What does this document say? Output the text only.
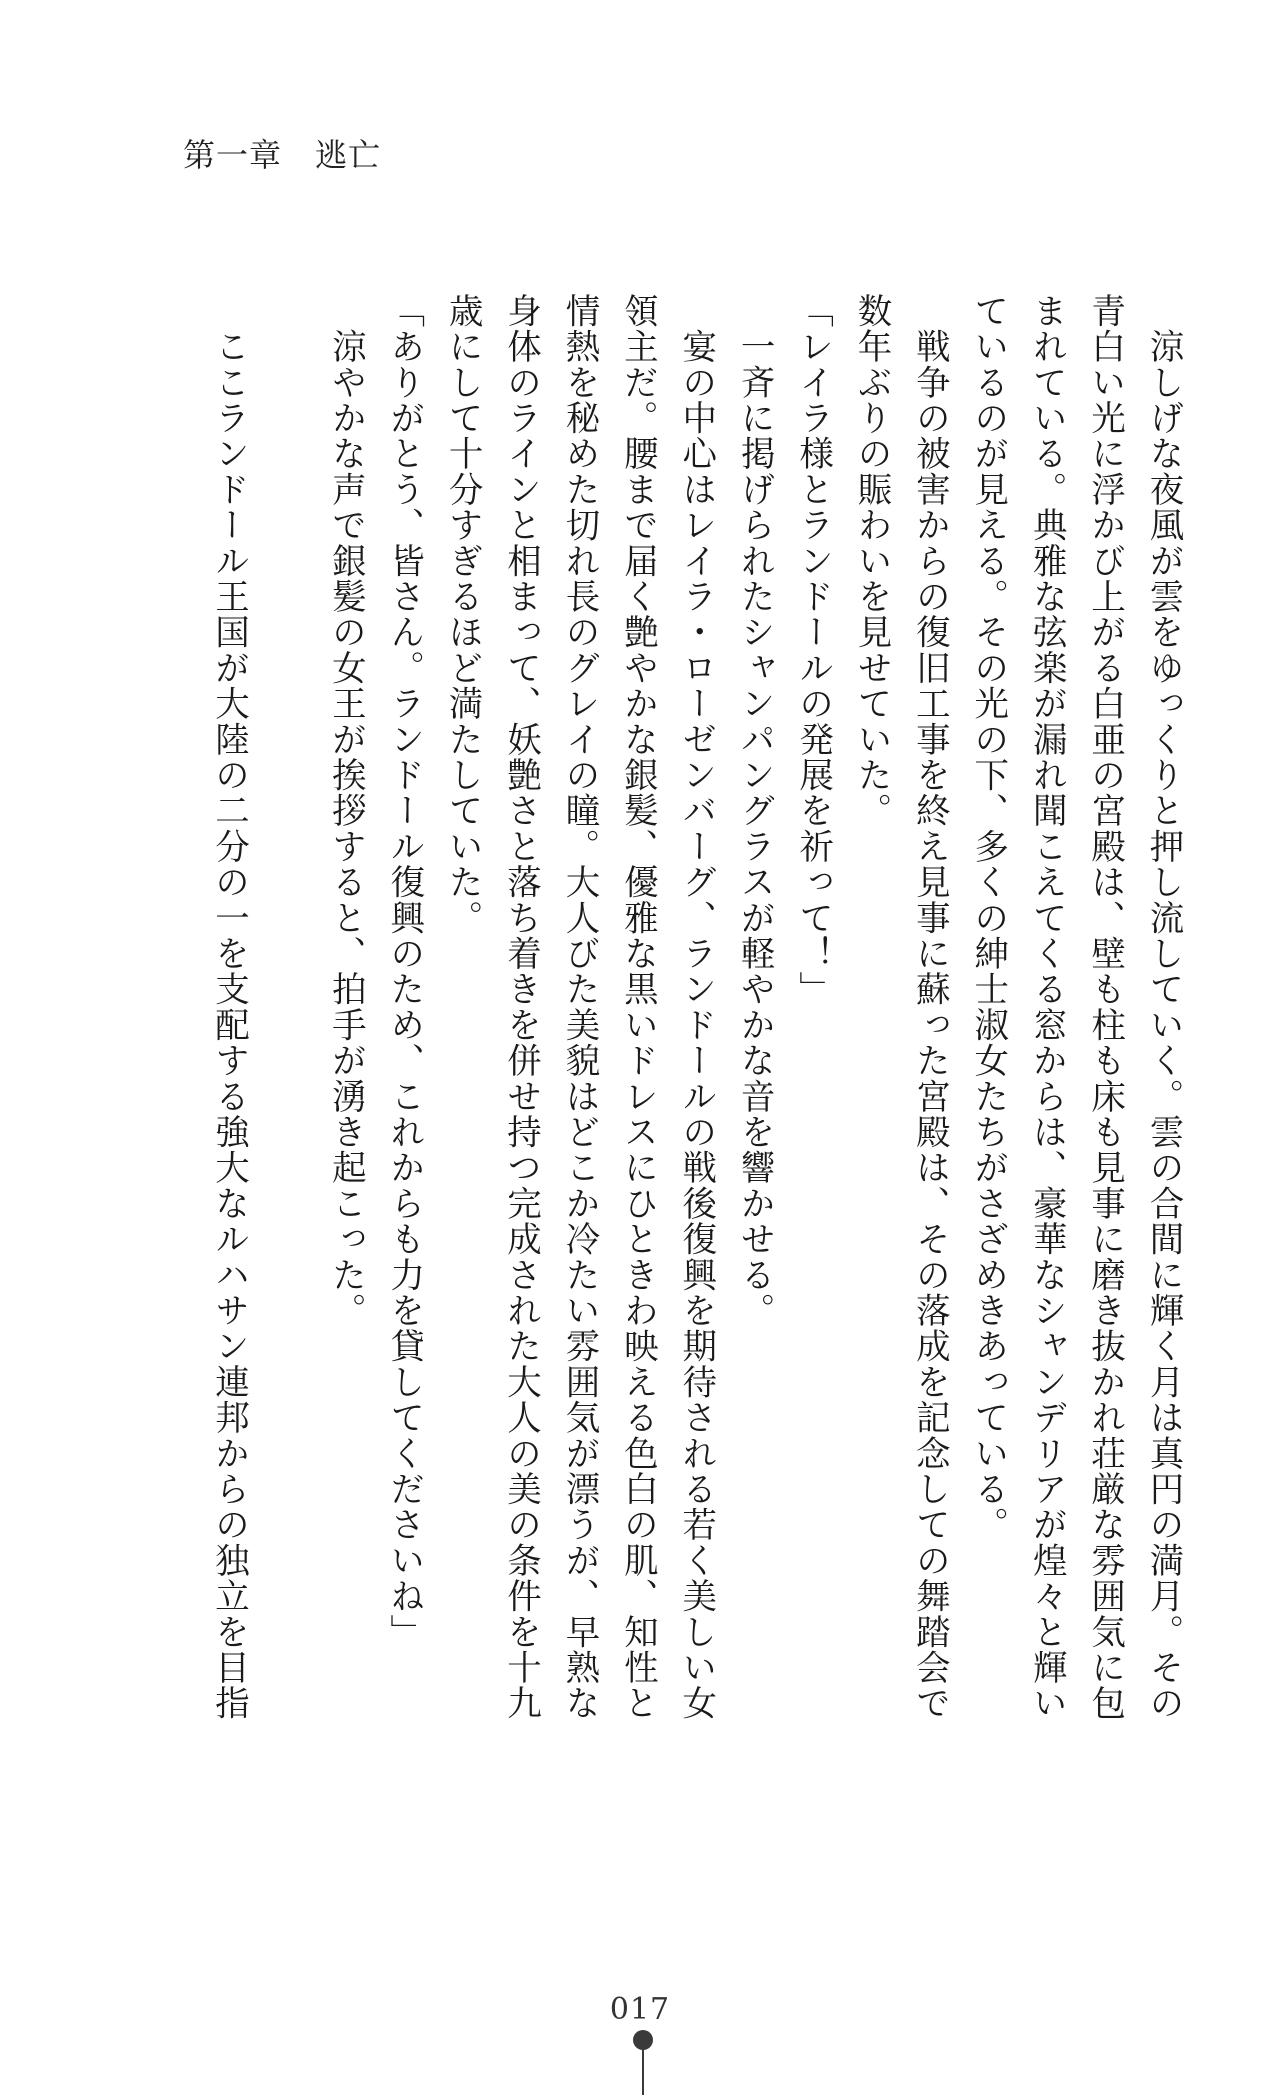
第一章　逃亡
　涼しげな夜風が雲をゆっくりと押し流していく。雲の合間に輝く月は真円の満月。その
青白い光に浮かび上がる白亜の宮殿は、壁も柱も床も見事に磨き抜かれ荘厳な雰囲気に包
まれている。典雅な弦楽が漏れ聞こえてくる窓からは、豪華なシャンデリアが煌々と輝い
ているのが見える。その光の下、多くの紳士淑女たちがさざめきあっている。
　戦争の被害からの復旧工事を終え見事に蘇った宮殿は、その落成を記念しての舞踏会で
数年ぶりの賑わいを見せていた。
「レイラ様とランドールの発展を祈って！」
　一斉に掲げられたシャンパングラスが軽やかな音を響かせる。
　宴の中心はレイラ・ローゼンバーグ、ランドールの戦後復興を期待される若く美しい女
領主だ。腰まで届く艶やかな銀髪、優雅な黒いドレスにひときわ映える色白の肌、知性と
情熱を秘めた切れ長のグレイの瞳。大人びた美貌はどこか冷たい雰囲気が漂うが、早熟な
身体のラインと相まって、妖艶さと落ち着きを併せ持つ完成された大人の美の条件を十九
歳にして十分すぎるほど満たしていた。
「ありがとう、皆さん。ランドール復興のため、これからも力を貸してくださいね」
　涼やかな声で銀髪の女王が挨拶すると、拍手が湧き起こった。
　ここランドール王国が大陸の二分の一を支配する強大なルハサン連邦からの独立を目指
017
